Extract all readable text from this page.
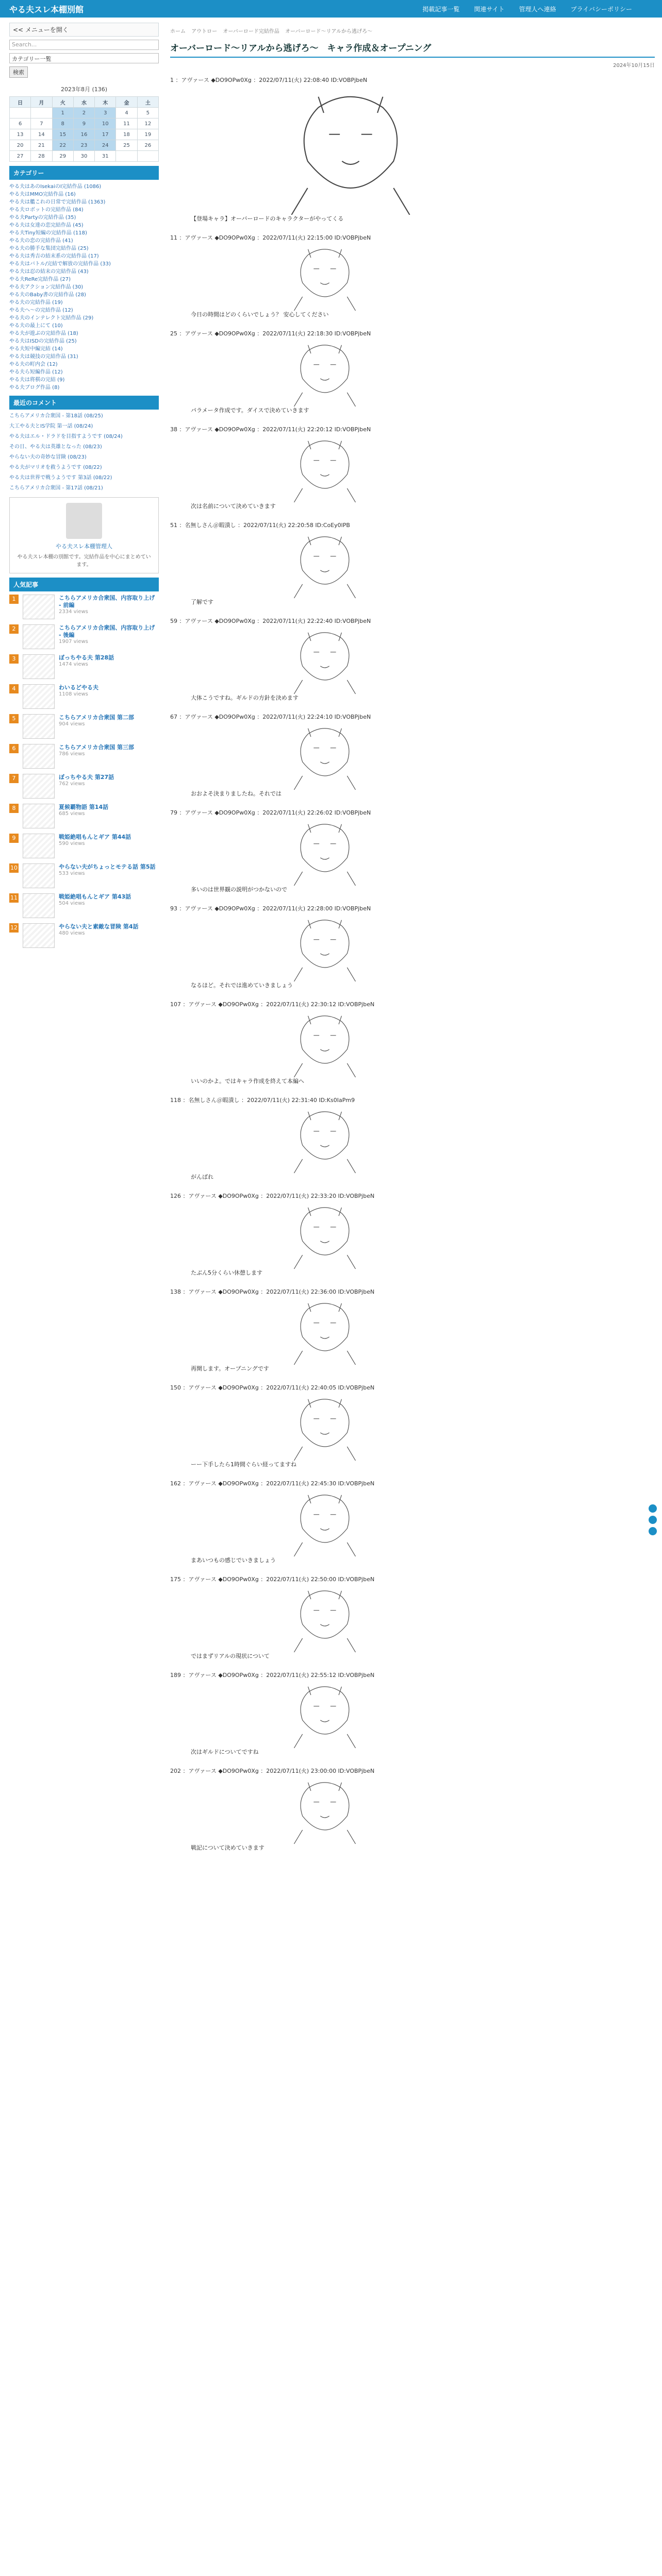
やる夫スレ本棚別館	掲載記事一覧 関連サイト 管理人へ連絡 プライバシーポリシー
<< メニューを開く
Search...
カテゴリー一覧
検索
2023年8月 (136)
日	月	火	水	木	金	土
		1	2	3	4	5
6	7	8	9	10	11	12
13	14	15	16	17	18	19
20	21	22	23	24	25	26
27	28	29	30	31		
カテゴリー
やる夫はあのIsekaiのI完結作品 (1086)
やる夫はMMO完結作品 (16)
やる夫は艦これの日常で完結作品 (1363)
やる夫ロボットの完結作品 (84)
やる夫Partyの完結作品 (35)
やる夫は女達の恋完結作品 (45)
やる夫Tiny短編の完結作品 (118)
やる夫の恋の完結作品 (41)
やる夫の勝手な集団完結作品 (25)
やる夫は秀吉の結末系の完結作品 (17)
やる夫はバトル/完結で解放の完結作品 (33)
やる夫は忍の結末の完結作品 (43)
やる夫ReRe完結作品 (27)
やる夫アクション完結作品 (30)
やる夫のBaby書の完結作品 (28)
やる夫の完結作品 (19)
やる夫へ〜の完結作品 (12)
やる夫のインテレクト完結作品 (29)
やる夫の最上にて (10)
やる夫が遊ぶの完結作品 (18)
やる夫はISDの完結作品 (25)
やる夫短中編完結 (14)
やる夫は競技の完結作品 (31)
やる夫の町内会 (12)
やる夫ら短編作品 (12)
やる夫は将棋の完結 (9)
やる夫ブログ作品 (8)
最近のコメント
こちらアメリカ合衆国 - 第18話 (08/25)
大工やる夫とIS学院 第一話 (08/24)
やる夫はエル・ドラドを目指すようです (08/24)
その日、やる夫は英雄となった (08/23)
やらない夫の奇妙な冒険 (08/23)
やる夫がマリオを救うようです (08/22)
やる夫は世界で戦うようです 第3話 (08/22)
こちらアメリカ合衆国 - 第17話 (08/21)
やる夫スレ本棚管理人
やる夫スレ本棚の別館です。完結作品を中心にまとめています。
人気記事
1	こちらアメリカ合衆国、内容取り上げ - 前編
2334 views
2	こちらアメリカ合衆国、内容取り上げ - 後編
1907 views
3	ぼっちやる夫 第28話
1474 views
4	わいるどやる夫
1108 views
5	こちらアメリカ合衆国 第二部
904 views
6	こちらアメリカ合衆国 第三部
786 views
7	ぼっちやる夫 第27話
762 views
8	夏候覇物語 第14話
685 views
9	戦姫絶唱もんとギア 第44話
590 views
10	やらない夫がちょっとモテる話 第5話
533 views
11	戦姫絶唱もんとギア 第43話
504 views
12	やらない夫と素敵な冒険 第4話
480 views
ホーム アウトロー オーバーロード完結作品 オーバーロード〜リアルから逃げろ〜
オーバーロード〜リアルから逃げろ〜　キャラ作成＆オープニング
2024年10月15日
1 ：アヴァース ◆DO9OPw0Xg ：2022/07/11(火) 22:08:40 ID:VOBPjbeN
【登場キャラ】オーバーロードのキャラクターがやってくる
11 ：アヴァース ◆DO9OPw0Xg ：2022/07/11(火) 22:15:00 ID:VOBPjbeN
今日の時間はどのくらいでしょう？ 安心してください
25 ：アヴァース ◆DO9OPw0Xg ：2022/07/11(火) 22:18:30 ID:VOBPjbeN
パラメータ作成です。ダイスで決めていきます
38 ：アヴァース ◆DO9OPw0Xg ：2022/07/11(火) 22:20:12 ID:VOBPjbeN
次は名前について決めていきます
51 ：名無しさん＠暇潰し ：2022/07/11(火) 22:20:58 ID:CoEy0lPB
了解です
59 ：アヴァース ◆DO9OPw0Xg ：2022/07/11(火) 22:22:40 ID:VOBPjbeN
大体こうですね。ギルドの方針を決めます
67 ：アヴァース ◆DO9OPw0Xg ：2022/07/11(火) 22:24:10 ID:VOBPjbeN
おおよそ決まりましたね。それでは
79 ：アヴァース ◆DO9OPw0Xg ：2022/07/11(火) 22:26:02 ID:VOBPjbeN
多いのは世界観の説明がつかないので
93 ：アヴァース ◆DO9OPw0Xg ：2022/07/11(火) 22:28:00 ID:VOBPjbeN
なるほど。それでは進めていきましょう
107 ：アヴァース ◆DO9OPw0Xg ：2022/07/11(火) 22:30:12 ID:VOBPjbeN
いいのかよ。ではキャラ作成を終えて本編へ
118 ：名無しさん＠暇潰し ：2022/07/11(火) 22:31:40 ID:Ks0IaPm9
がんばれ
126 ：アヴァース ◆DO9OPw0Xg ：2022/07/11(火) 22:33:20 ID:VOBPjbeN
たぶん5分くらい休憩します
138 ：アヴァース ◆DO9OPw0Xg ：2022/07/11(火) 22:36:00 ID:VOBPjbeN
再開します。オープニングです
150 ：アヴァース ◆DO9OPw0Xg ：2022/07/11(火) 22:40:05 ID:VOBPjbeN
ーー下手したら1時間ぐらい経ってますね
162 ：アヴァース ◆DO9OPw0Xg ：2022/07/11(火) 22:45:30 ID:VOBPjbeN
まあいつもの感じでいきましょう
175 ：アヴァース ◆DO9OPw0Xg ：2022/07/11(火) 22:50:00 ID:VOBPjbeN
ではまずリアルの現状について
189 ：アヴァース ◆DO9OPw0Xg ：2022/07/11(火) 22:55:12 ID:VOBPjbeN
次はギルドについてですね
202 ：アヴァース ◆DO9OPw0Xg ：2022/07/11(火) 23:00:00 ID:VOBPjbeN
戦記について決めていきます
